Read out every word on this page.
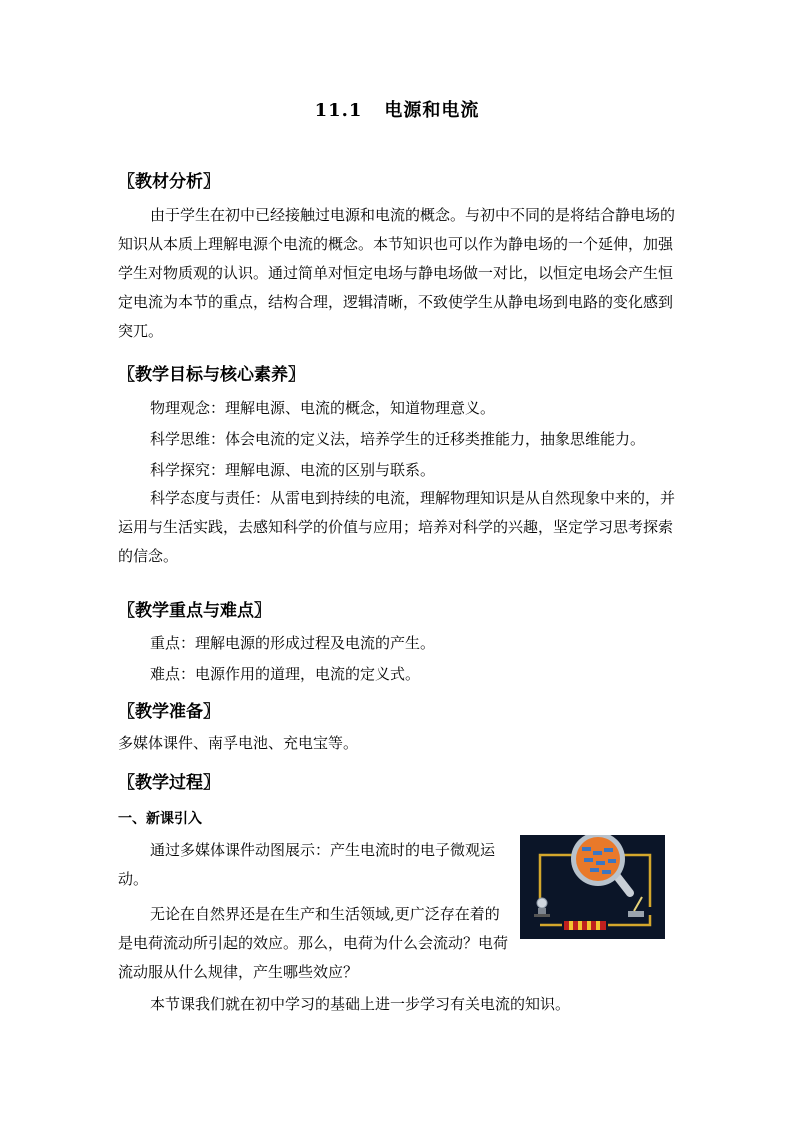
11.1 电源和电流
〖教材分析〗
由于学生在初中已经接触过电源和电流的概念。与初中不同的是将结合静电场的知识从本质上理解电源个电流的概念。本节知识也可以作为静电场的一个延伸，加强学生对物质观的认识。通过简单对恒定电场与静电场做一对比，以恒定电场会产生恒定电流为本节的重点，结构合理，逻辑清晰，不致使学生从静电场到电路的变化感到突兀。
〖教学目标与核心素养〗
物理观念：理解电源、电流的概念，知道物理意义。
科学思维：体会电流的定义法，培养学生的迁移类推能力，抽象思维能力。
科学探究：理解电源、电流的区别与联系。
科学态度与责任：从雷电到持续的电流，理解物理知识是从自然现象中来的，并运用与生活实践，去感知科学的价值与应用；培养对科学的兴趣，坚定学习思考探索的信念。
〖教学重点与难点〗
重点：理解电源的形成过程及电流的产生。
难点：电源作用的道理，电流的定义式。
〖教学准备〗
多媒体课件、南孚电池、充电宝等。
〖教学过程〗
一、新课引入
通过多媒体课件动图展示：产生电流时的电子微观运动。
无论在自然界还是在生产和生活领域,更广泛存在着的是电荷流动所引起的效应。那么，电荷为什么会流动？电荷流动服从什么规律，产生哪些效应？
本节课我们就在初中学习的基础上进一步学习有关电流的知识。
